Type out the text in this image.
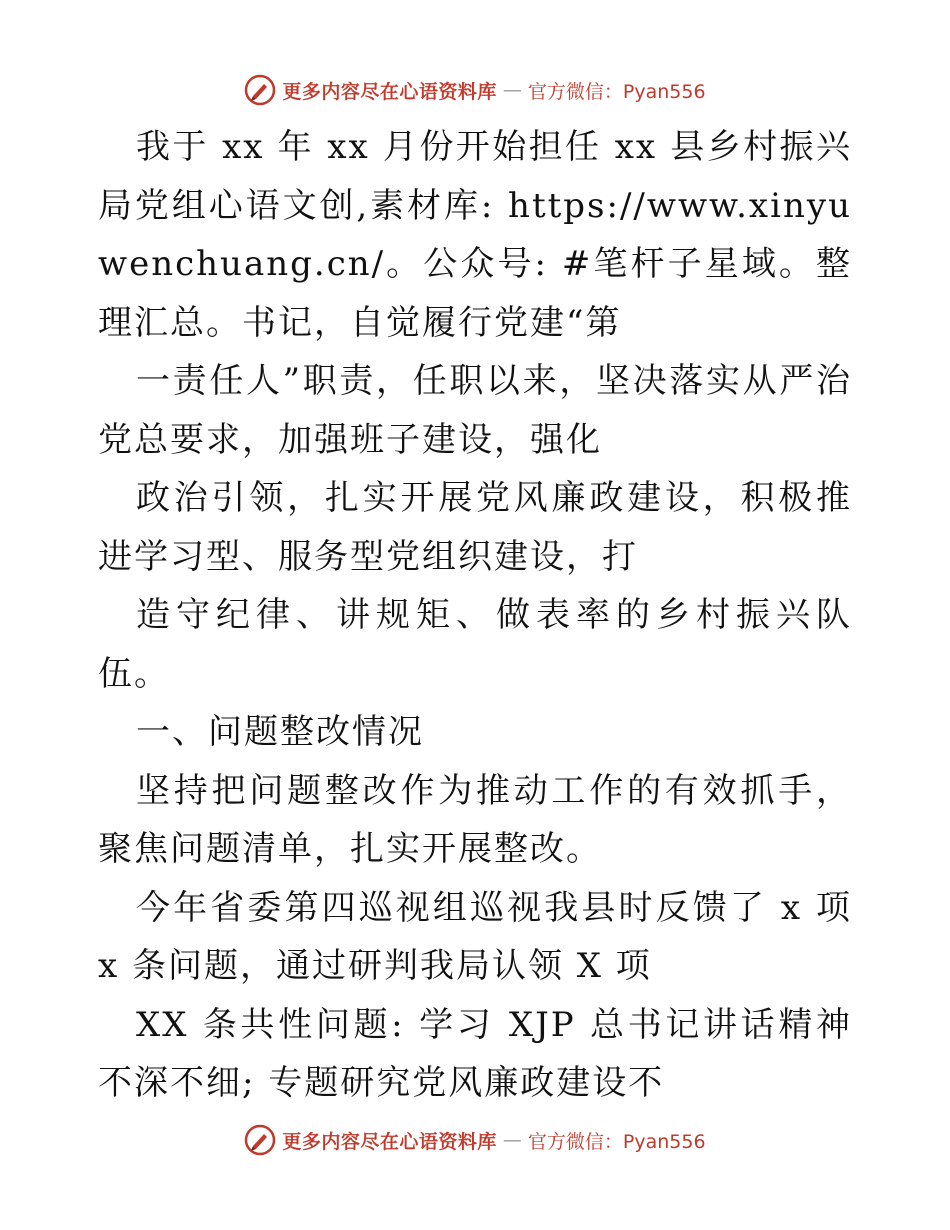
更多内容尽在心语资料库 — 官方微信：Pyan556

我于 xx 年 xx 月份开始担任 xx 县乡村振兴局党组心语文创,素材库: https://www.xinyuwenchuang.cn/。公众号: #笔杆子星域。整理汇总。书记，自觉履行党建“第

一责任人”职责，任职以来，坚决落实从严治党总要求，加强班子建设，强化

政治引领，扎实开展党风廉政建设，积极推进学习型、服务型党组织建设，打

造守纪律、讲规矩、做表率的乡村振兴队伍。

一、问题整改情况

坚持把问题整改作为推动工作的有效抓手，聚焦问题清单，扎实开展整改。

今年省委第四巡视组巡视我县时反馈了 x 项 x 条问题，通过研判我局认领 X 项

XX 条共性问题: 学习 XJP 总书记讲话精神不深不细; 专题研究党风廉政建设不

更多内容尽在心语资料库 — 官方微信：Pyan556
